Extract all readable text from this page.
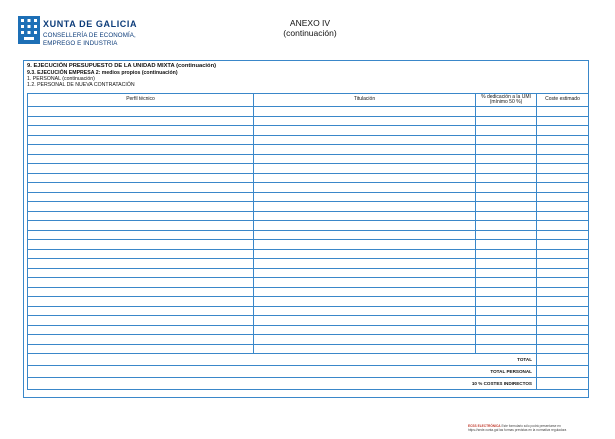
XUNTA DE GALICIA
CONSELLERÍA DE ECONOMÍA,
EMPREGO E INDUSTRIA
ANEXO IV
(continuación)
9. EJECUCIÓN PRESUPUESTO DE LA UNIDAD MIXTA (continuación)
9.3. EJECUCIÓN EMPRESA 2: medios propios (continuación)
1. PERSONAL (continuación)
1.2. PERSONAL DE NUEVA CONTRATACIÓN
Perfil técnico	Titulación	% dedicación a la UMI (mínimo 50 %)	Coste estimado

TOTAL			
TOTAL PERSONAL			
10 % COSTES INDIRECTOS			
ECSS ELECTRÓNICA Este formulario sólo podrá presentarse en
https://sede.xunta.gal las formas previstas en la normativa reguladora
